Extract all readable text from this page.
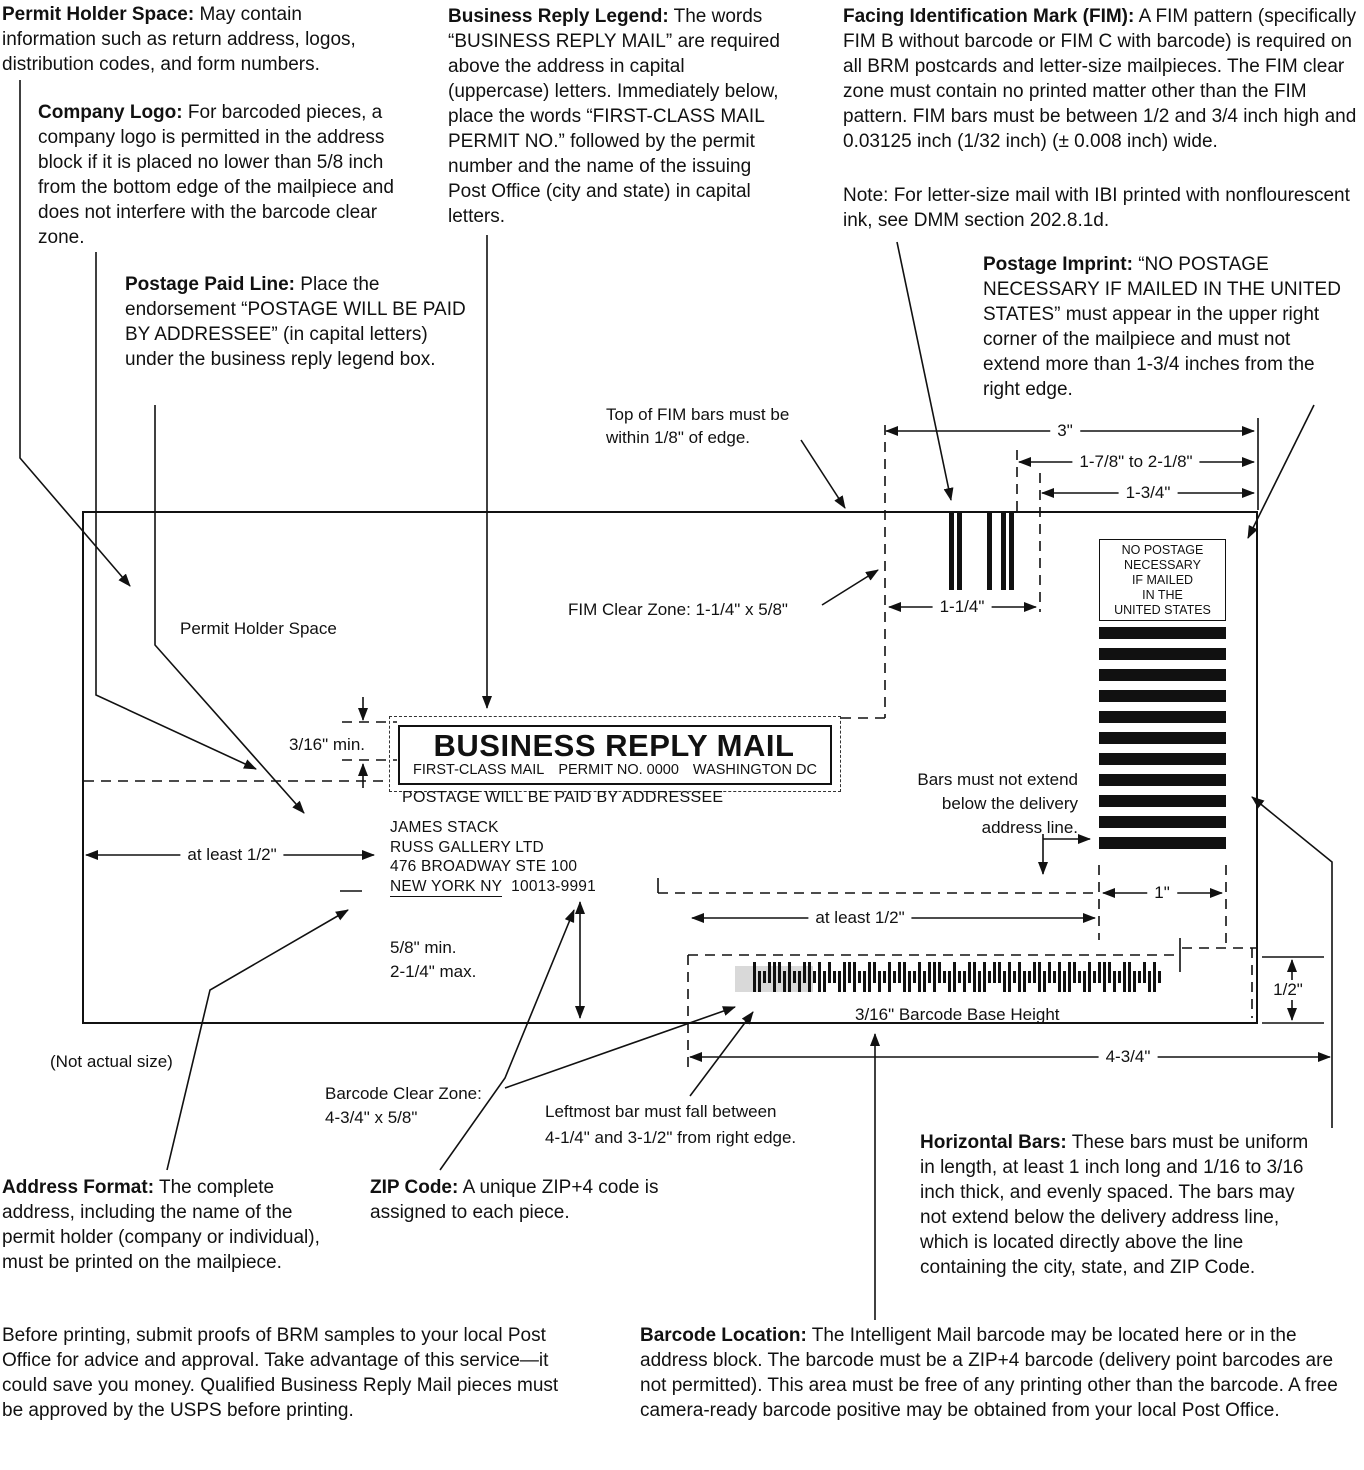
Permit Holder Space: May contain information such as return address, logos, distribution codes, and form numbers.
Company Logo: For barcoded pieces, a company logo is permitted in the address block if it is placed no lower than 5/8 inch from the bottom edge of the mailpiece and does not interfere with the barcode clear zone.
Business Reply Legend: The words “BUSINESS REPLY MAIL” are required above the address in capital (uppercase) letters. Immediately below, place the words “FIRST-CLASS MAIL PERMIT NO.” followed by the permit number and the name of the issuing Post Office (city and state) in capital letters.
Facing Identification Mark (FIM): A FIM pattern (specifically FIM B without barcode or FIM C with barcode) is required on all BRM postcards and letter-size mailpieces. The FIM clear zone must contain no printed matter other than the FIM pattern. FIM bars must be between 1/2 and 3/4 inch high and 0.03125 inch (1/32 inch) (± 0.008 inch) wide.
Note: For letter-size mail with IBI printed with nonflourescent ink, see DMM section 202.8.1d.
Postage Paid Line: Place the endorsement “POSTAGE WILL BE PAID BY ADDRESSEE” (in capital letters) under the business reply legend box.
Postage Imprint: “NO POSTAGE NECESSARY IF MAILED IN THE UNITED STATES” must appear in the upper right corner of the mailpiece and must not extend more than 1-3/4 inches from the right edge.
Permit Holder Space
NO POSTAGE
NECESSARY
IF MAILED
IN THE
UNITED STATES
BUSINESS REPLY MAIL
FIRST-CLASS MAIL PERMIT NO. 0000 WASHINGTON DC
POSTAGE WILL BE PAID BY ADDRESSEE
JAMES STACK
RUSS GALLERY LTD
476 BROADWAY STE 100
NEW YORK NY 10013-9991
Top of FIM bars must be within 1/8" of edge.
FIM Clear Zone: 1-1/4" x 5/8"
3/16" min.
5/8" min.
2-1/4" max.
Bars must not extend below the delivery address line.
3/16" Barcode Base Height
(Not actual size)
Barcode Clear Zone:
4-3/4" x 5/8"	Leftmost bar must fall between
4-1/4" and 3-1/2" from right edge.
3"
1-7/8" to 2-1/8"
1-3/4"
1-1/4"
at least 1/2"
at least 1/2"
1"
1/2"
4-3/4"
Address Format: The complete address, including the name of the permit holder (company or individual), must be printed on the mailpiece.
ZIP Code: A unique ZIP+4 code is assigned to each piece.
Horizontal Bars: These bars must be uniform in length, at least 1 inch long and 1/16 to 3/16 inch thick, and evenly spaced. The bars may not extend below the delivery address line, which is located directly above the line containing the city, state, and ZIP Code.
Before printing, submit proofs of BRM samples to your local Post Office for advice and approval. Take advantage of this service—it could save you money. Qualified Business Reply Mail pieces must be approved by the USPS before printing.
Barcode Location: The Intelligent Mail barcode may be located here or in the address block. The barcode must be a ZIP+4 barcode (delivery point barcodes are not permitted). This area must be free of any printing other than the barcode. A free camera-ready barcode positive may be obtained from your local Post Office.
